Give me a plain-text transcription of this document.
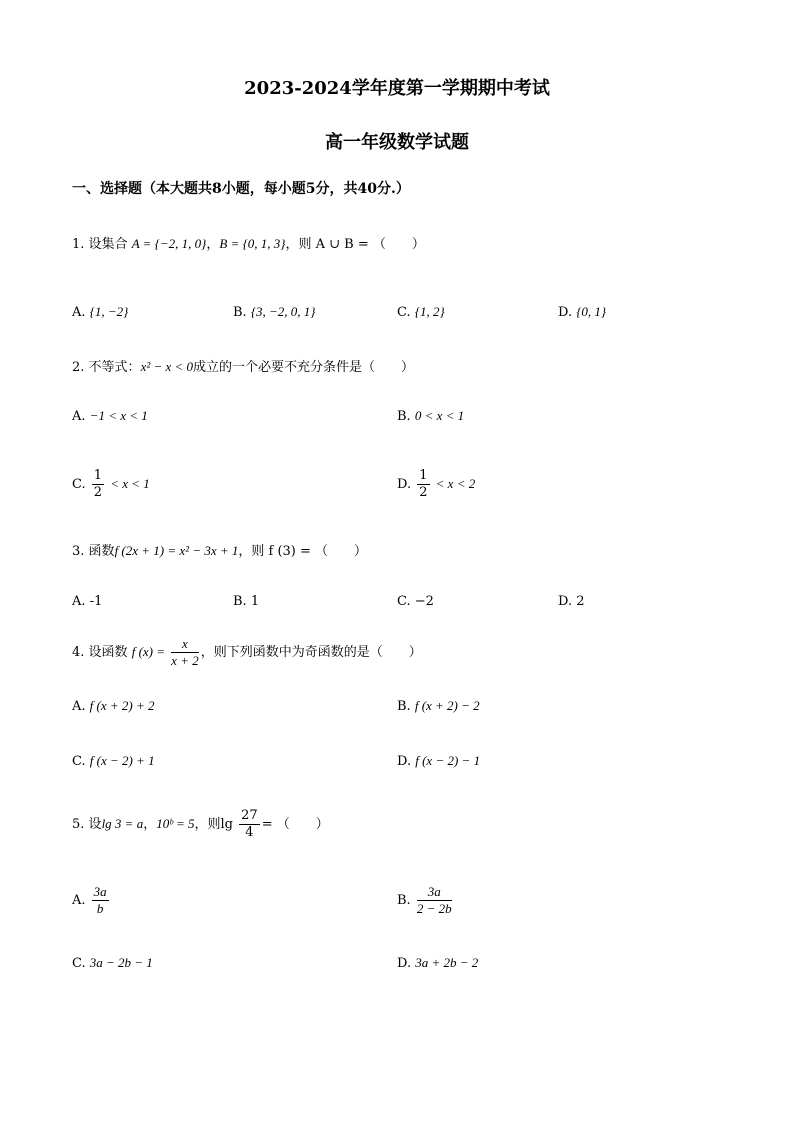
2023-2024学年度第一学期期中考试
高一年级数学试题
一、选择题（本大题共8小题，每小题5分，共40分.）
1. 设集合 A = {−2, 1, 0}，B = {0, 1, 3}，则 A ∪ B = （　　）
A. {1, −2}	B. {3, −2, 0, 1}	C. {1, 2}	D. {0, 1}
2. 不等式：x² − x < 0成立的一个必要不充分条件是（　　）
A. −1 < x < 1	B. 0 < x < 1
C. $\frac{1}{2} < x < 1$	D. $\frac{1}{2} < x < 2$
3. 函数f (2x + 1) = x² − 3x + 1，则 f (3) = （　　）
A. -1	B. 1	C. −2	D. 2
4. 设函数 f $(x) = \frac{x}{x + 2}$ ，则下列函数中为奇函数的是（　　）
A. f (x + 2) + 2	B. f (x + 2) − 2
C. f (x − 2) + 1	D. f (x − 2) − 1
5. 设lg 3 = a，10ᵇ = 5，则$\lg \frac{27}{4}$ = （　　）
A. $\frac{3a}{b}$	B. $\frac{3a}{2 - 2b}$
C. 3a − 2b − 1	D. 3a + 2b − 2
